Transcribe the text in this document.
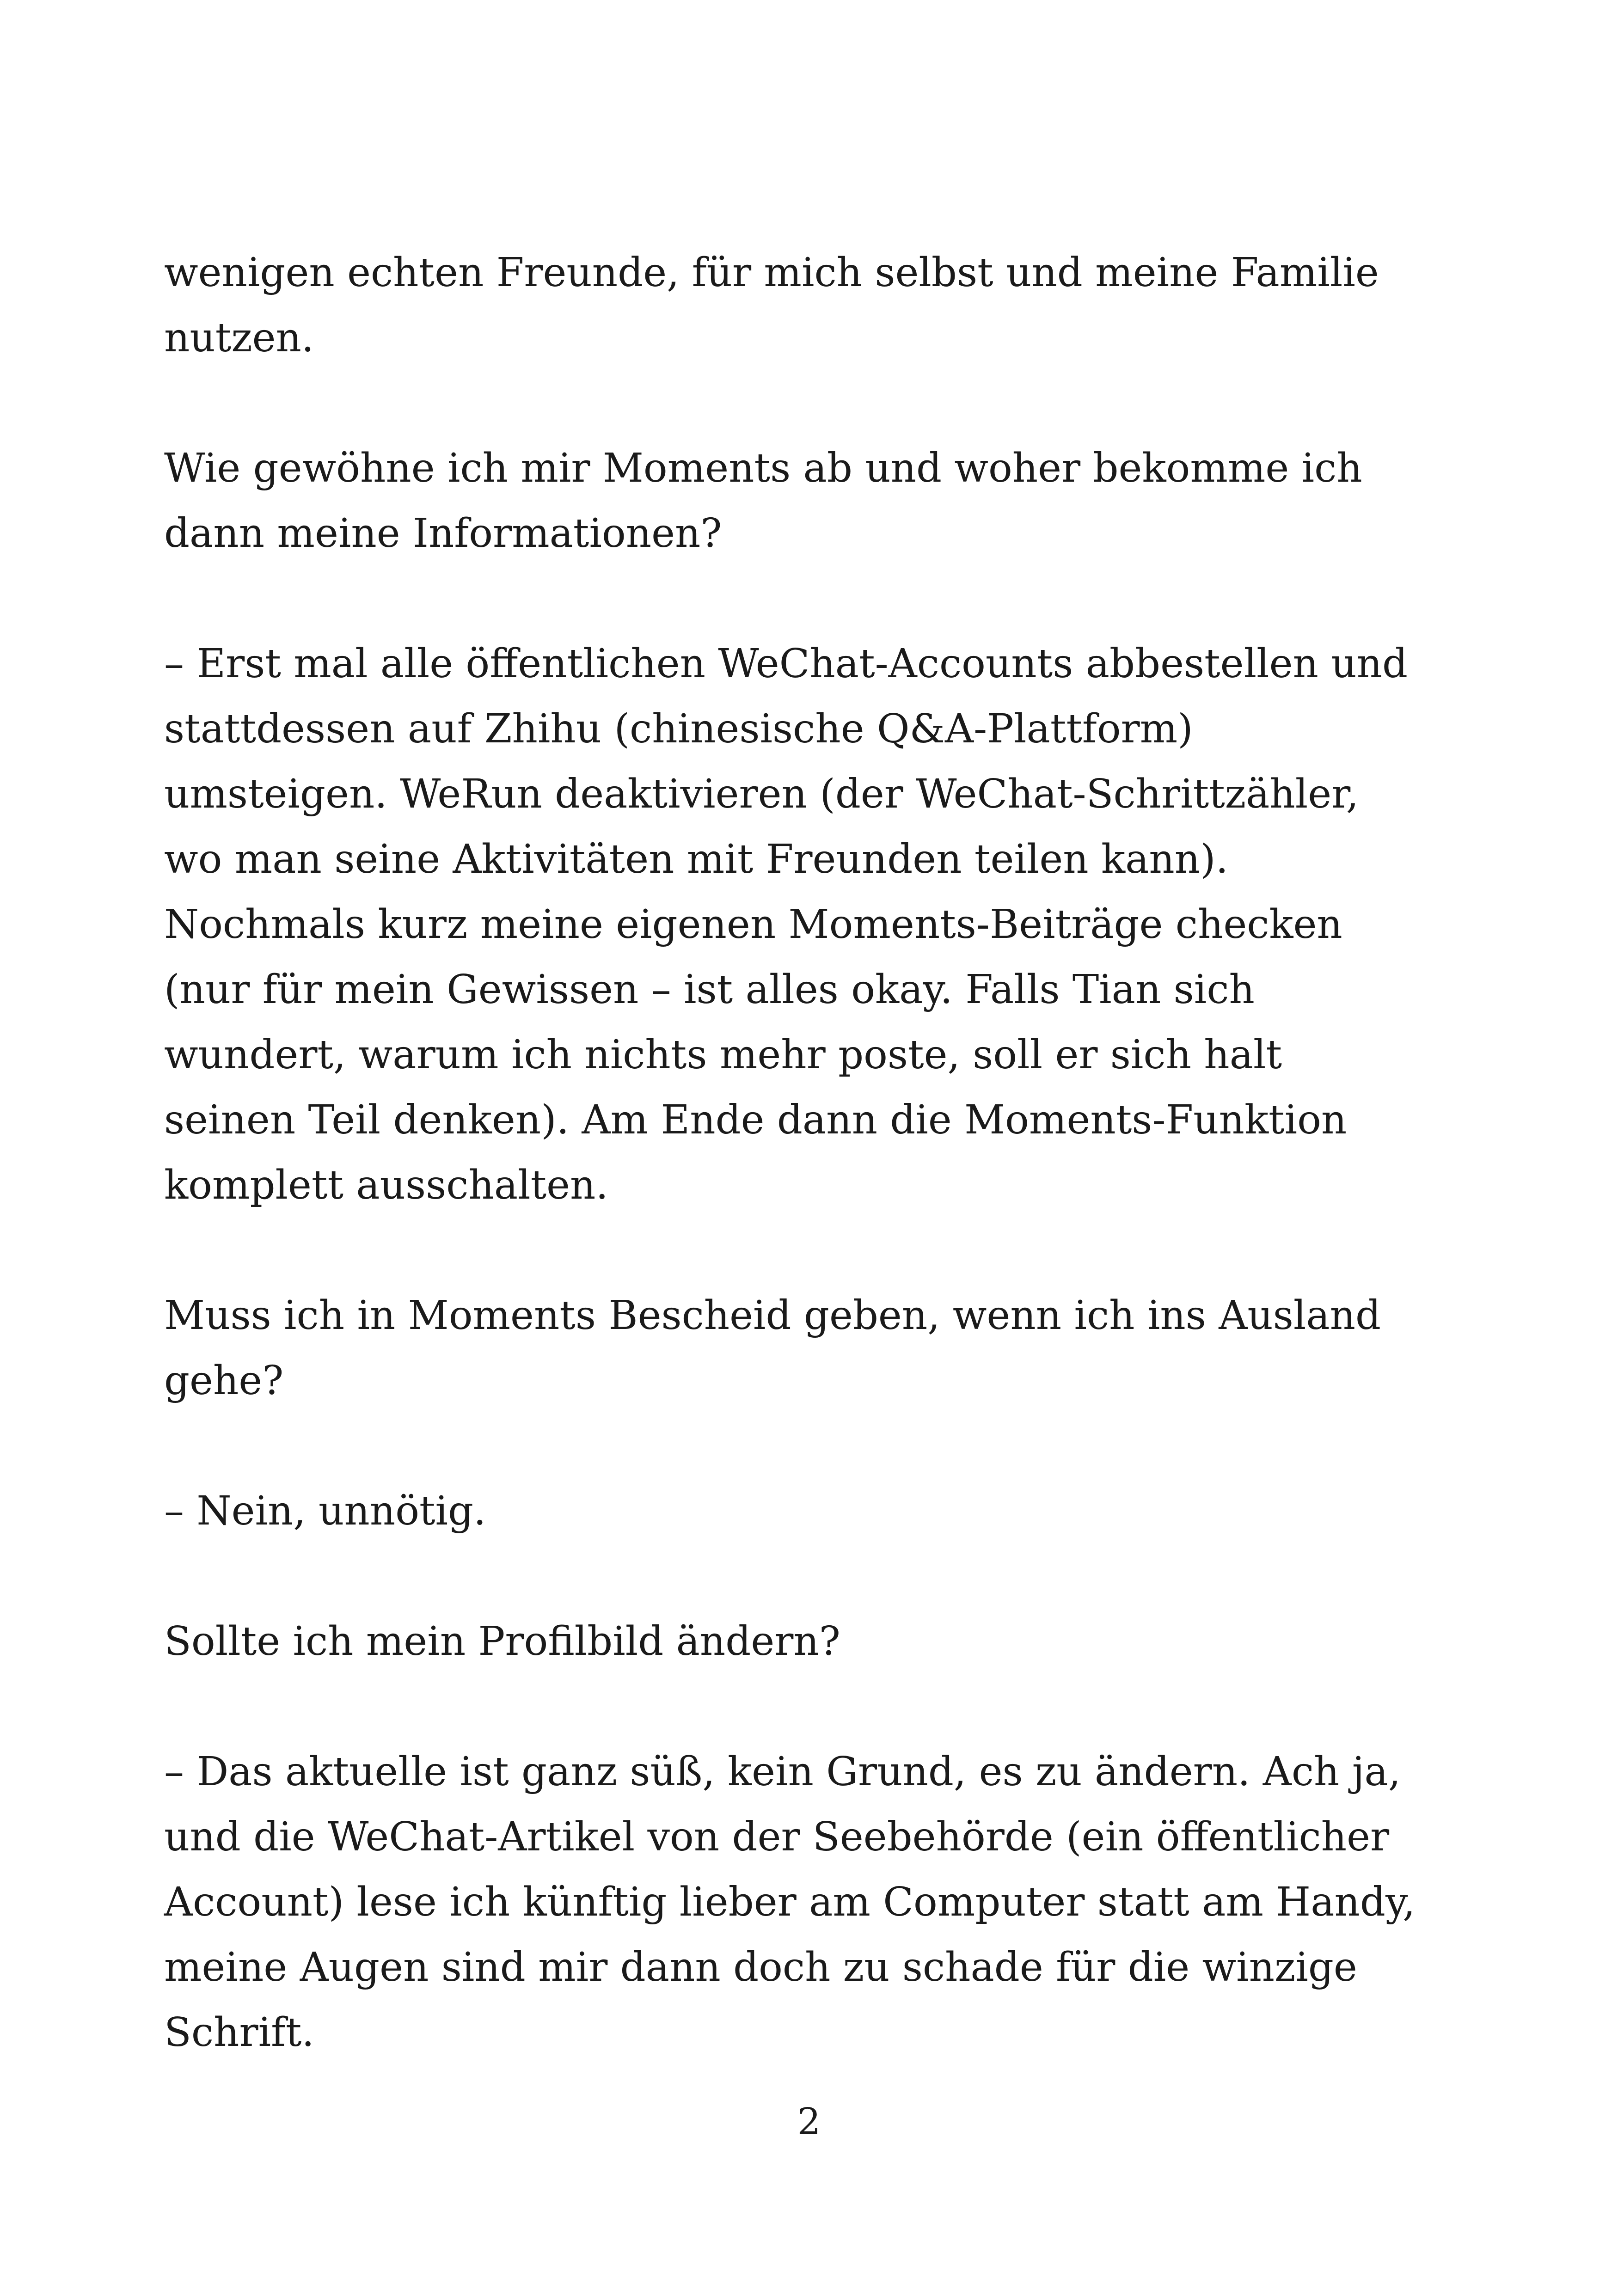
wenigen echten Freunde, für mich selbst und meine Familie nutzen.

Wie gewöhne ich mir Moments ab und woher bekomme ich dann meine Informationen?

– Erst mal alle öffentlichen WeChat-Accounts abbestellen und stattdessen auf Zhihu (chinesische Q&A-Plattform) umsteigen. WeRun deaktivieren (der WeChat-Schrittzähler, wo man seine Aktivitäten mit Freunden teilen kann). Nochmals kurz meine eigenen Moments-Beiträge checken (nur für mein Gewissen – ist alles okay. Falls Tian sich wundert, warum ich nichts mehr poste, soll er sich halt seinen Teil denken). Am Ende dann die Moments-Funktion komplett ausschalten.

Muss ich in Moments Bescheid geben, wenn ich ins Ausland gehe?

– Nein, unnötig.

Sollte ich mein Profilbild ändern?

– Das aktuelle ist ganz süß, kein Grund, es zu ändern. Ach ja, und die WeChat-Artikel von der Seebehörde (ein öffentlicher Account) lese ich künftig lieber am Computer statt am Handy, meine Augen sind mir dann doch zu schade für die winzige Schrift.

2
